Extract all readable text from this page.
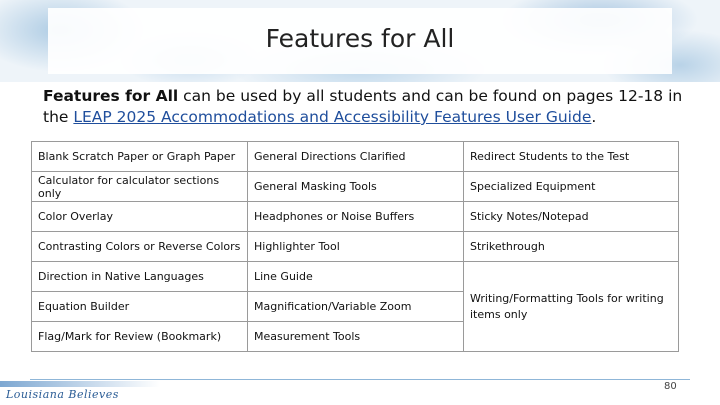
Features for All
Features for All can be used by all students and can be found on pages 12-18 in the LEAP 2025 Accommodations and Accessibility Features User Guide.
Blank Scratch Paper or Graph Paper	General Directions Clarified	Redirect Students to the Test
Calculator for calculator sections only	General Masking Tools	Specialized Equipment
Color Overlay	Headphones or Noise Buffers	Sticky Notes/Notepad
Contrasting Colors or Reverse Colors	Highlighter Tool	Strikethrough
Direction in Native Languages	Line Guide	Writing/Formatting Tools for writing items only
Equation Builder	Magnification/Variable Zoom	
Flag/Mark for Review (Bookmark)	Measurement Tools	
Louisiana Believes
80
